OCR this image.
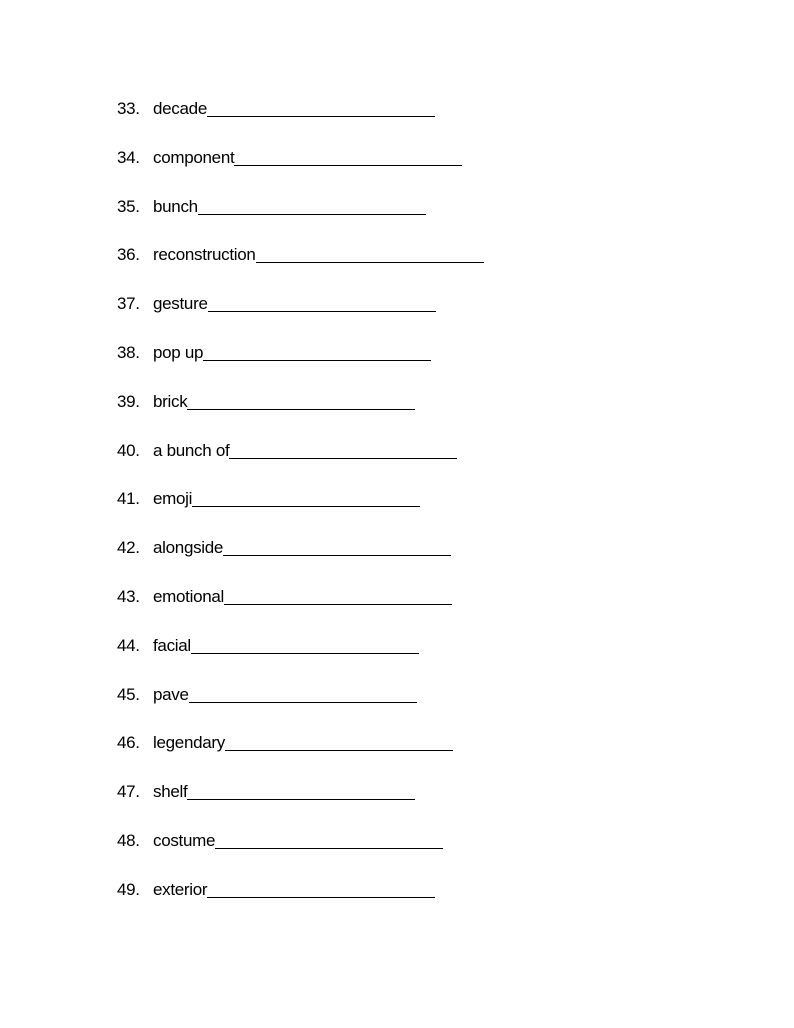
33. decade
34. component
35. bunch
36. reconstruction
37. gesture
38. pop up
39. brick
40. a bunch of
41. emoji
42. alongside
43. emotional
44. facial
45. pave
46. legendary
47. shelf
48. costume
49. exterior
